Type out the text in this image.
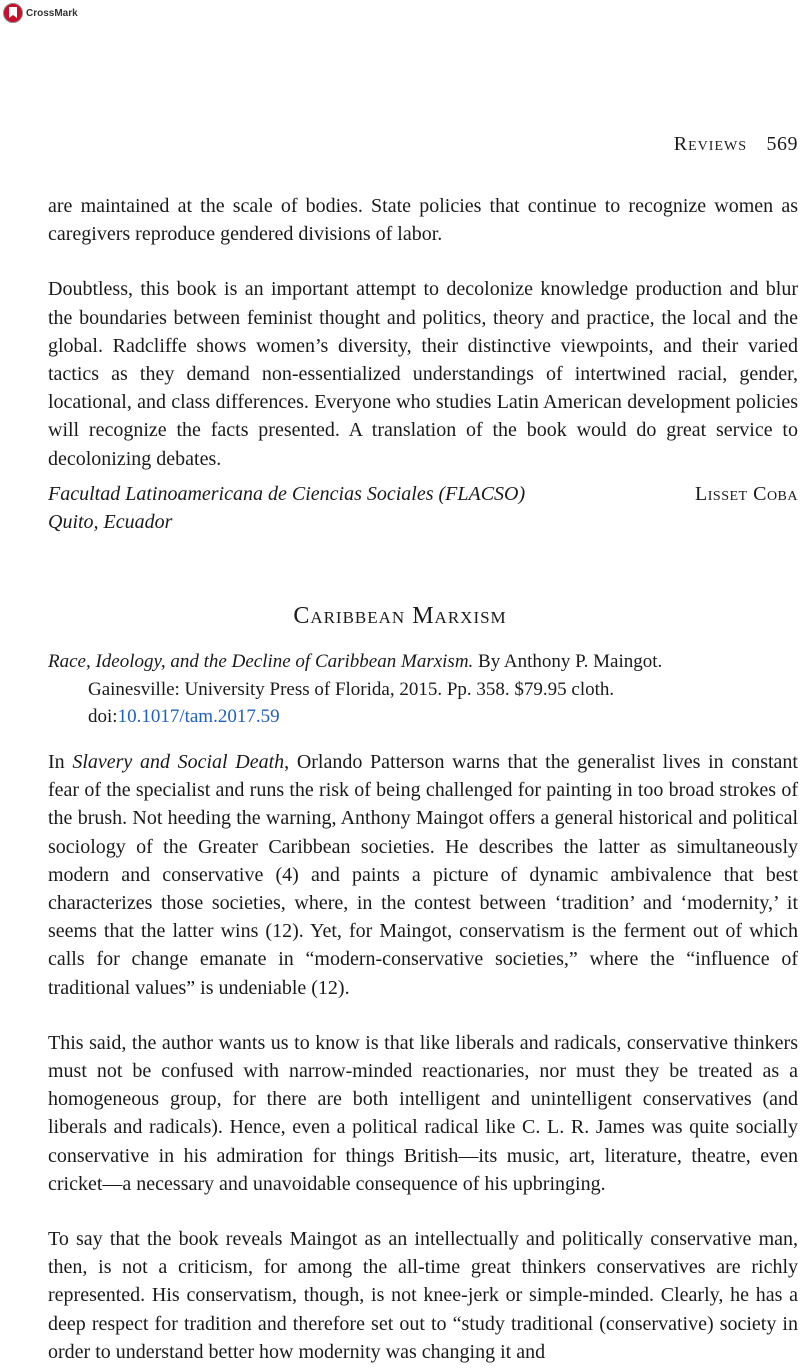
CrossMark
Reviews 569

are maintained at the scale of bodies. State policies that continue to recognize women as caregivers reproduce gendered divisions of labor.

Doubtless, this book is an important attempt to decolonize knowledge production and blur the boundaries between feminist thought and politics, theory and practice, the local and the global. Radcliffe shows women’s diversity, their distinctive viewpoints, and their varied tactics as they demand non-essentialized understandings of intertwined racial, gender, locational, and class differences. Everyone who studies Latin American development policies will recognize the facts presented. A translation of the book would do great service to decolonizing debates.

Facultad Latinoamericana de Ciencias Sociales (FLACSO)
Quito, Ecuador
Lisset Coba
Caribbean Marxism
Race, Ideology, and the Decline of Caribbean Marxism. By Anthony P. Maingot.
Gainesville: University Press of Florida, 2015. Pp. 358. $79.95 cloth.
doi:10.1017/tam.2017.59

In Slavery and Social Death, Orlando Patterson warns that the generalist lives in constant fear of the specialist and runs the risk of being challenged for painting in too broad strokes of the brush. Not heeding the warning, Anthony Maingot offers a general historical and political sociology of the Greater Caribbean societies. He describes the latter as simultaneously modern and conservative (4) and paints a picture of dynamic ambivalence that best characterizes those societies, where, in the contest between ‘tradition’ and ‘modernity,’ it seems that the latter wins (12). Yet, for Maingot, conservatism is the ferment out of which calls for change emanate in “modern-conservative societies,” where the “influence of traditional values” is undeniable (12).

This said, the author wants us to know is that like liberals and radicals, conservative thinkers must not be confused with narrow-minded reactionaries, nor must they be treated as a homogeneous group, for there are both intelligent and unintelligent conservatives (and liberals and radicals). Hence, even a political radical like C. L. R. James was quite socially conservative in his admiration for things British—its music, art, literature, theatre, even cricket—a necessary and unavoidable consequence of his upbringing.

To say that the book reveals Maingot as an intellectually and politically conservative man, then, is not a criticism, for among the all-time great thinkers conservatives are richly represented. His conservatism, though, is not knee-jerk or simple-minded. Clearly, he has a deep respect for tradition and therefore set out to “study traditional (conservative) society in order to understand better how modernity was changing it and
